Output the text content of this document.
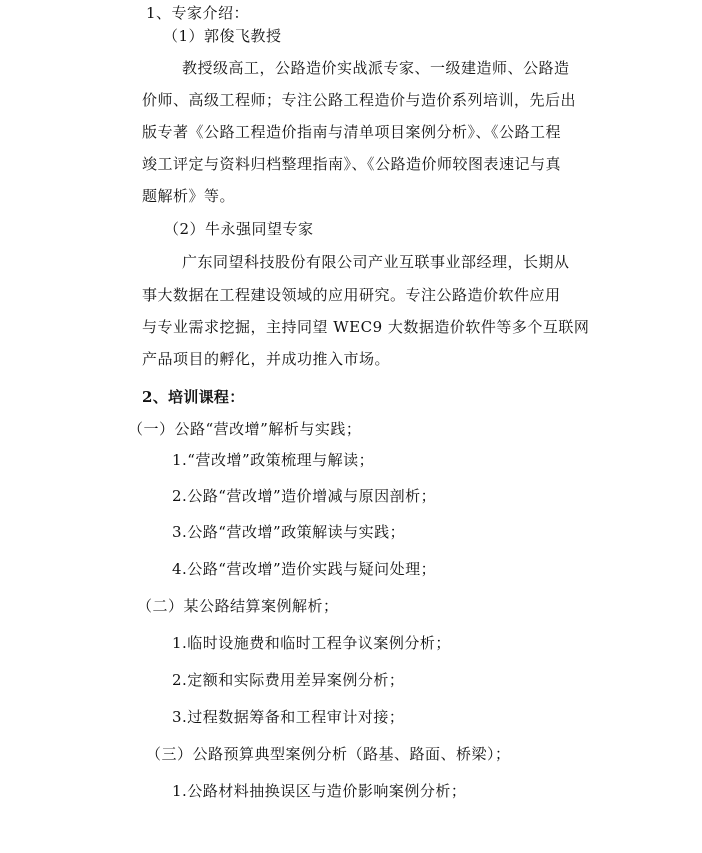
1、专家介绍：
（1）郭俊飞教授
教授级高工，公路造价实战派专家、一级建造师、公路造
价师、高级工程师；专注公路工程造价与造价系列培训，先后出
版专著《公路工程造价指南与清单项目案例分析》、《公路工程
竣工评定与资料归档整理指南》、《公路造价师较图表速记与真
题解析》等。
（2）牛永强同望专家
广东同望科技股份有限公司产业互联事业部经理，长期从
事大数据在工程建设领域的应用研究。专注公路造价软件应用
与专业需求挖掘，主持同望 WEC9 大数据造价软件等多个互联网
产品项目的孵化，并成功推入市场。
2、培训课程：
（一）公路“营改增”解析与实践；
1.“营改增”政策梳理与解读；
2.公路“营改增”造价增减与原因剖析；
3.公路“营改增”政策解读与实践；
4.公路“营改增”造价实践与疑问处理；
（二）某公路结算案例解析；
1.临时设施费和临时工程争议案例分析；
2.定额和实际费用差异案例分析；
3.过程数据筹备和工程审计对接；
（三）公路预算典型案例分析（路基、路面、桥梁）；
1.公路材料抽换误区与造价影响案例分析；
